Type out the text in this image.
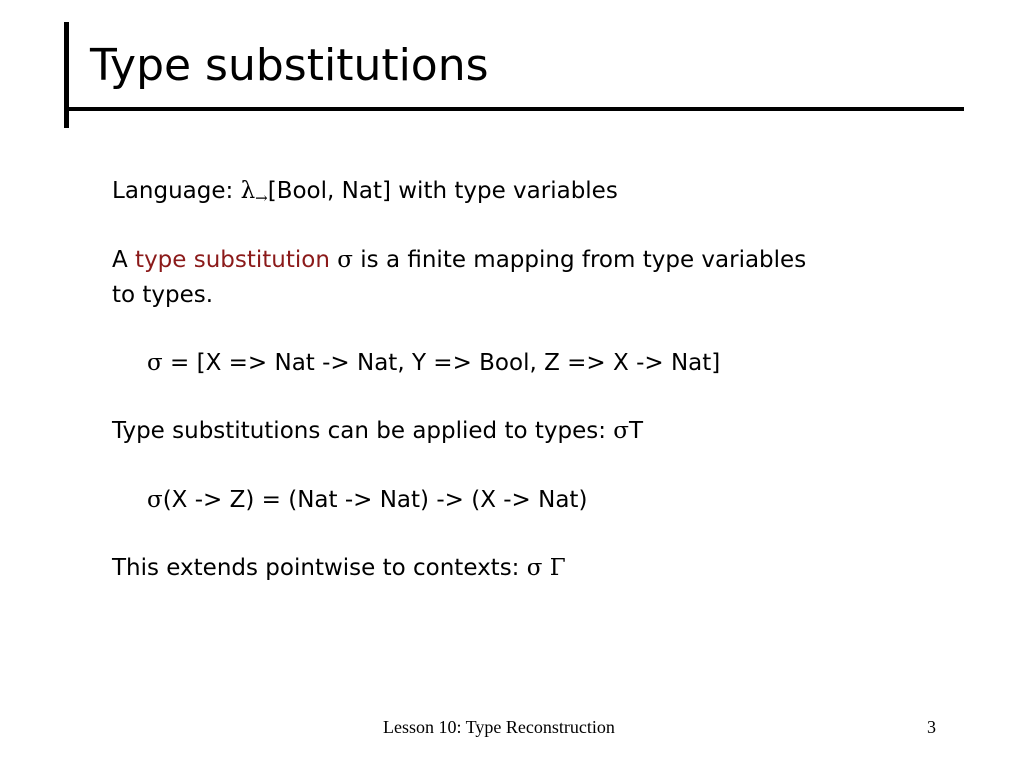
Type substitutions
Language: $\lambda_\to[Bool$, Nat] with type variables
A type substitution σ is a finite mapping from type variables
to types.
σ = [X => Nat -> Nat, Y => Bool, Z => X -> Nat]
Type substitutions can be applied to types: σT
σ(X -> Z) = (Nat -> Nat) -> (X -> Nat)
This extends pointwise to contexts: σ Γ
Lesson 10: Type Reconstruction	3
